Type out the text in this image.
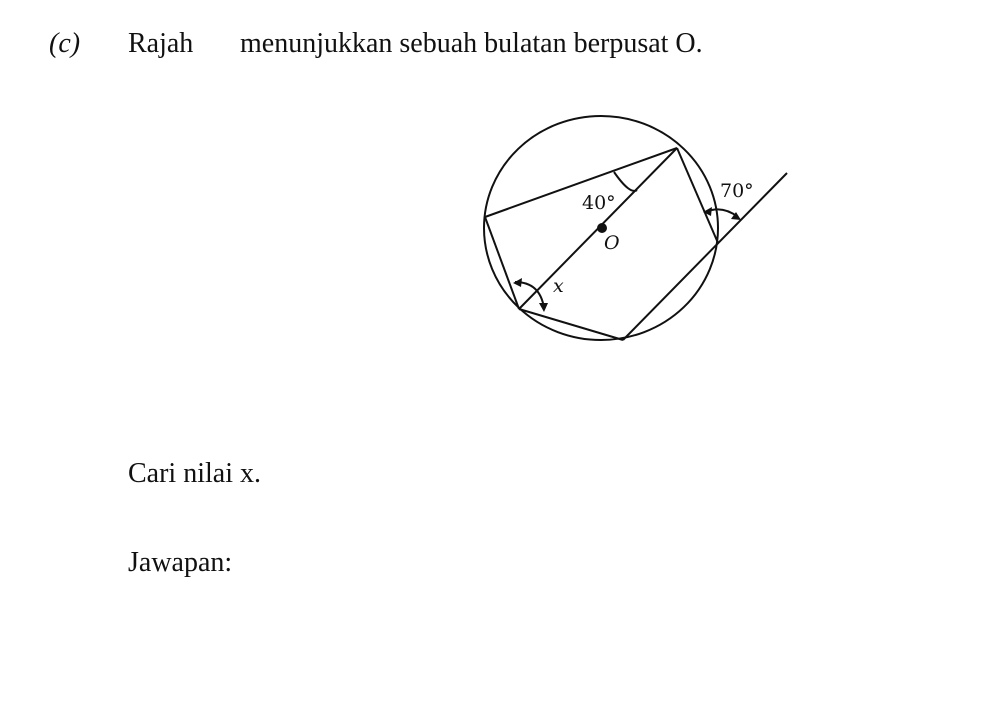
(c) Rajah menunjukkan sebuah bulatan berpusat O.
40°
70°
O
x
Cari nilai x.
Jawapan:
